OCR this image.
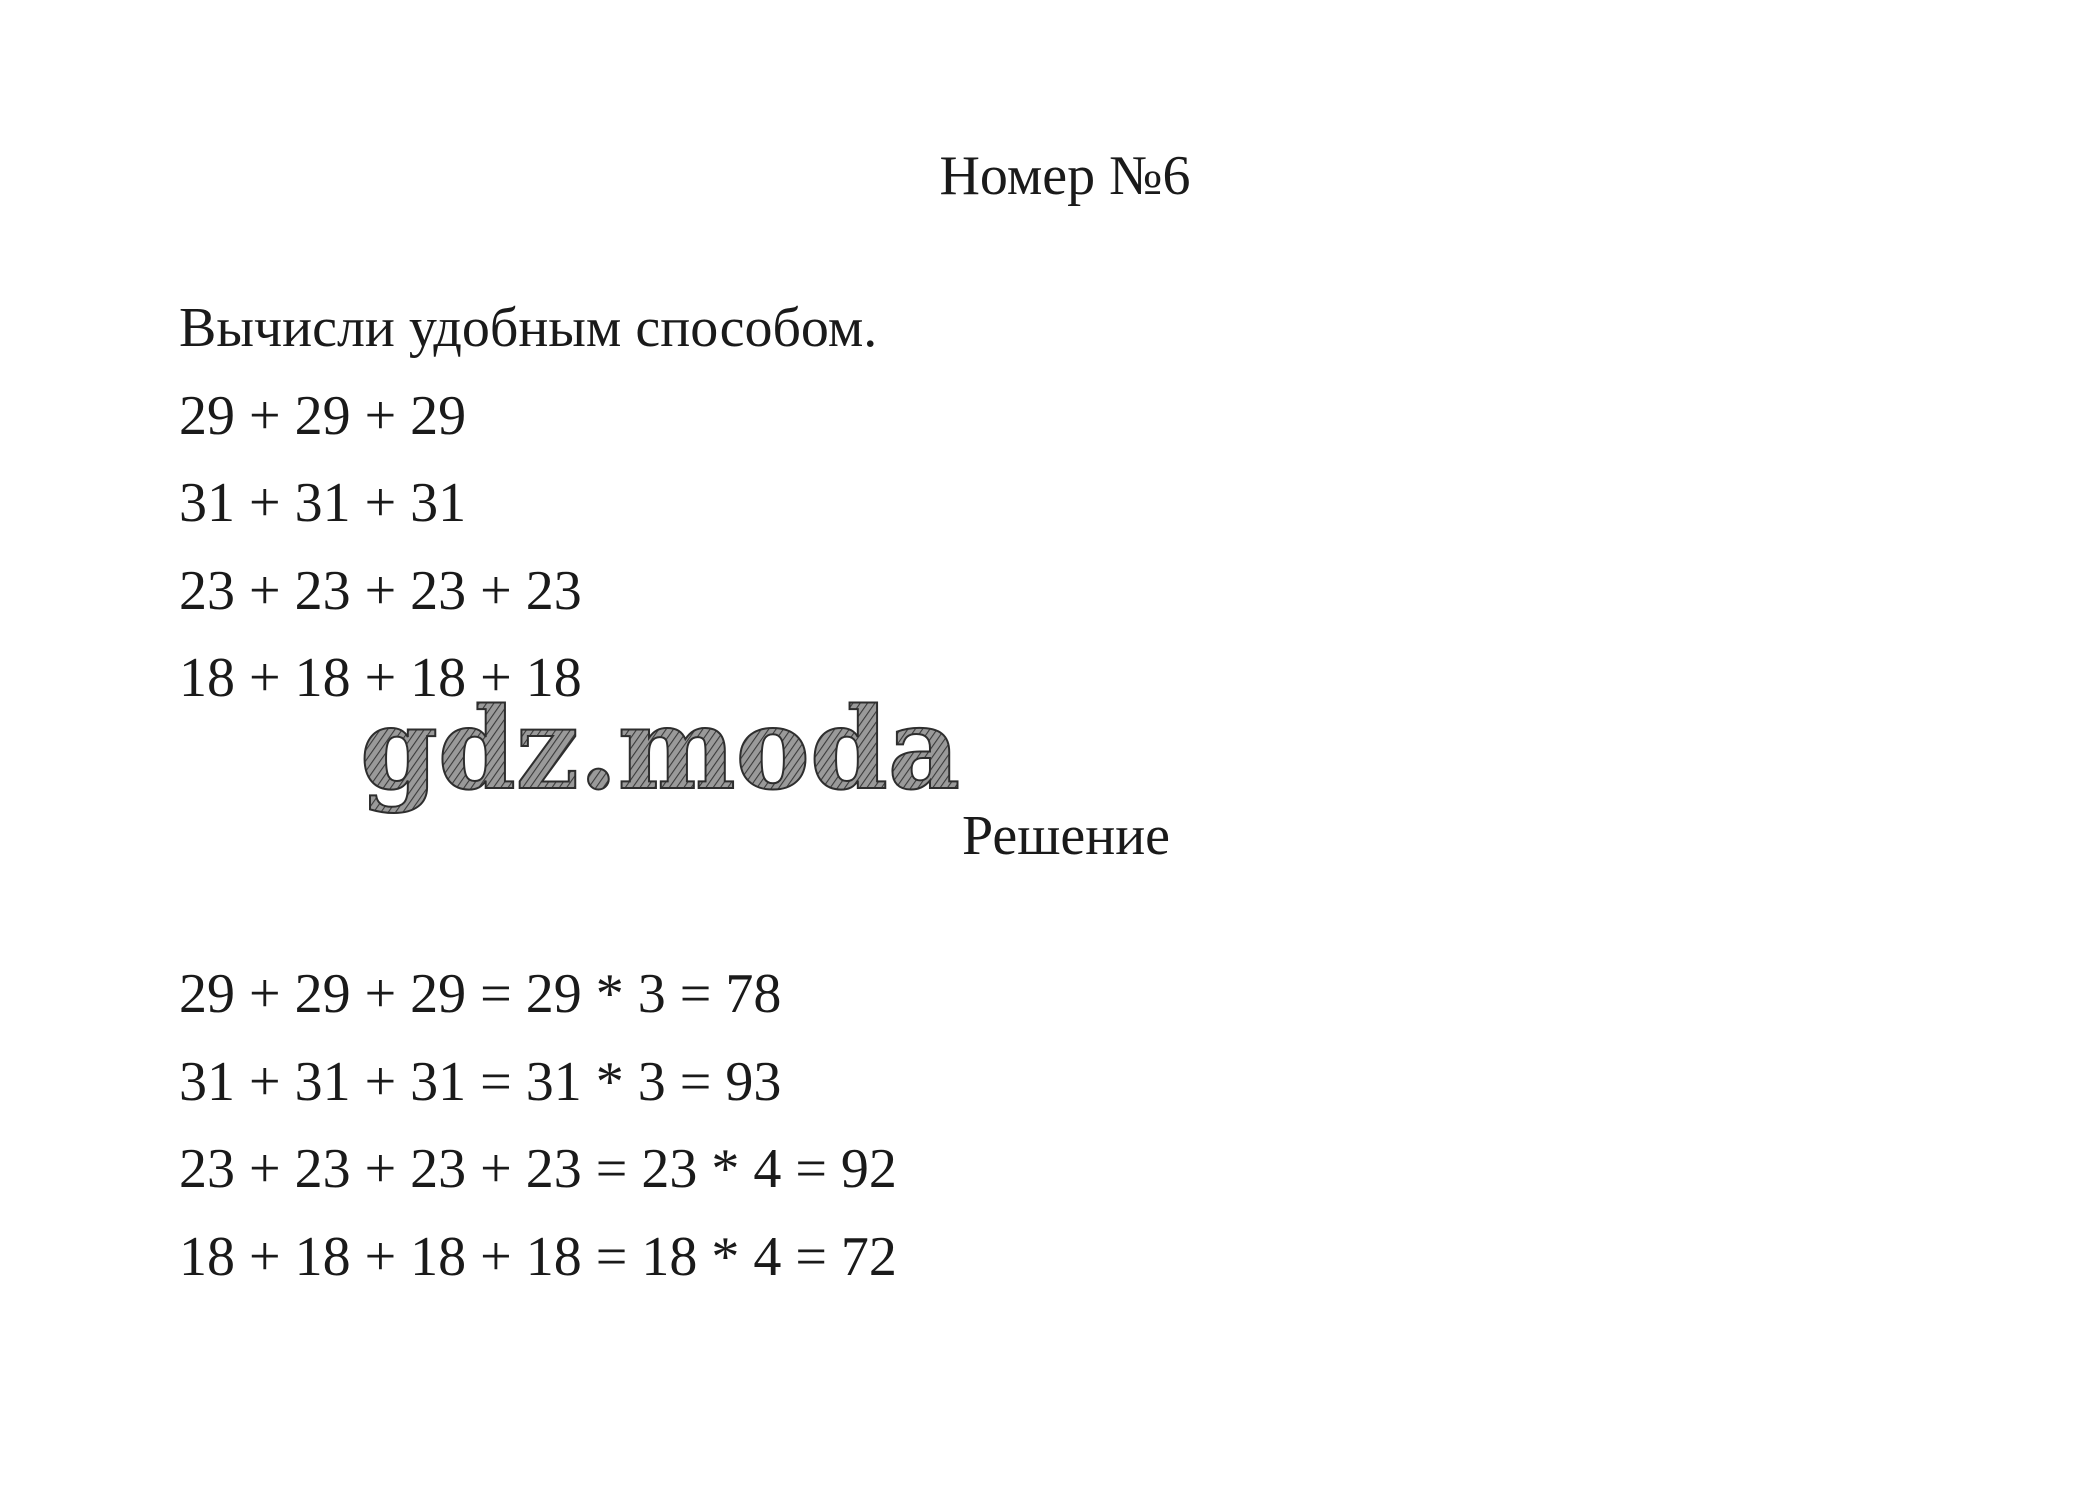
Номер №6
Вычисли удобным способом.
29 + 29 + 29
31 + 31 + 31
23 + 23 + 23 + 23
18 + 18 + 18 + 18
gdz.moda
Решение
29 + 29 + 29 = 29 * 3 = 78
31 + 31 + 31 = 31 * 3 = 93
23 + 23 + 23 + 23 = 23 * 4 = 92
18 + 18 + 18 + 18 = 18 * 4 = 72
